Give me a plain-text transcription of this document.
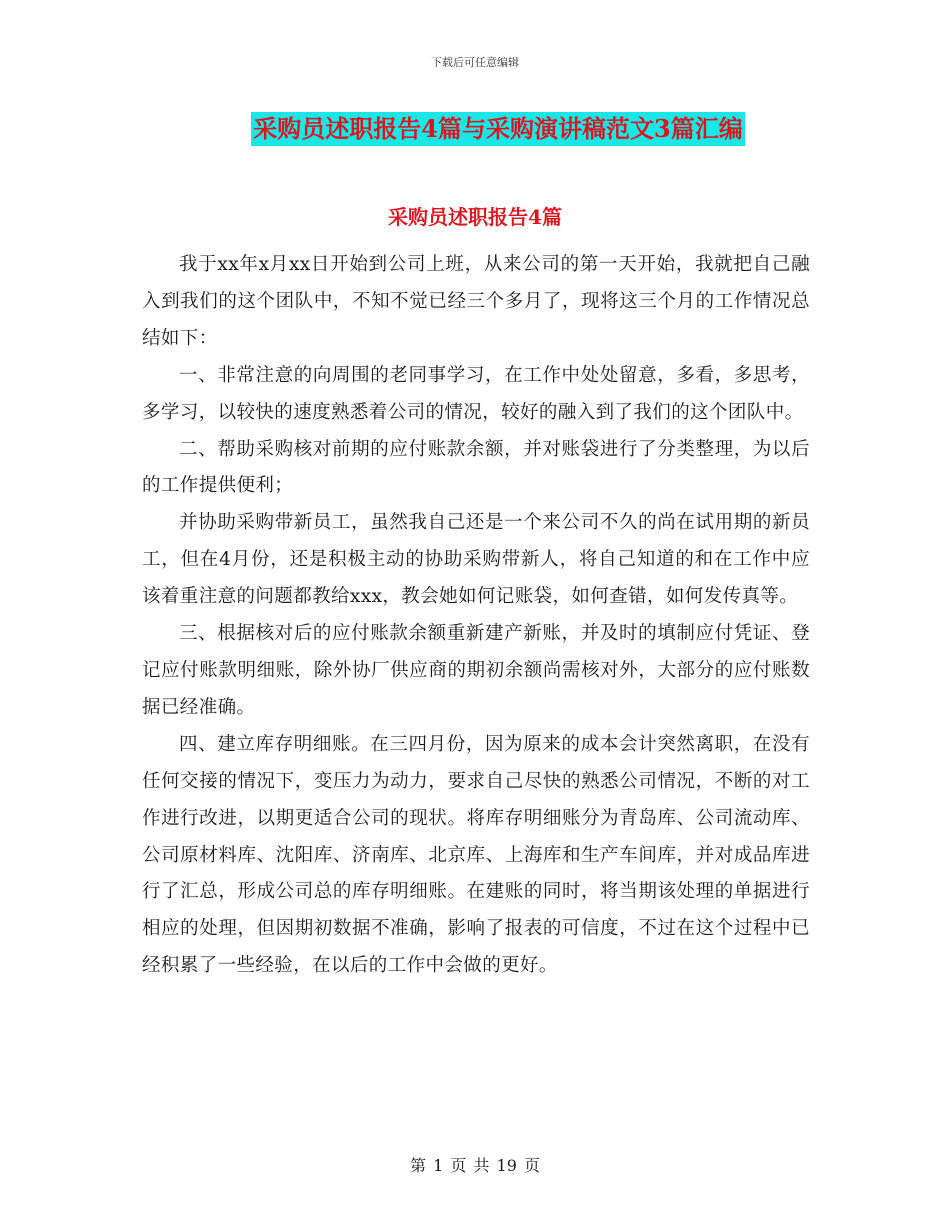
下载后可任意编辑
采购员述职报告4篇与采购演讲稿范文3篇汇编
采购员述职报告4篇

我于xx年x月xx日开始到公司上班，从来公司的第一天开始，我就把自己融入到我们的这个团队中，不知不觉已经三个多月了，现将这三个月的工作情况总结如下：

一、非常注意的向周围的老同事学习，在工作中处处留意，多看，多思考，多学习，以较快的速度熟悉着公司的情况，较好的融入到了我们的这个团队中。

二、帮助采购核对前期的应付账款余额，并对账袋进行了分类整理，为以后的工作提供便利；

并协助采购带新员工，虽然我自己还是一个来公司不久的尚在试用期的新员工，但在4月份，还是积极主动的协助采购带新人，将自己知道的和在工作中应该着重注意的问题都教给xxx，教会她如何记账袋，如何查错，如何发传真等。

三、根据核对后的应付账款余额重新建产新账，并及时的填制应付凭证、登记应付账款明细账，除外协厂供应商的期初余额尚需核对外，大部分的应付账数据已经准确。

四、建立库存明细账。在三四月份，因为原来的成本会计突然离职，在没有任何交接的情况下，变压力为动力，要求自己尽快的熟悉公司情况，不断的对工作进行改进，以期更适合公司的现状。将库存明细账分为青岛库、公司流动库、公司原材料库、沈阳库、济南库、北京库、上海库和生产车间库，并对成品库进行了汇总，形成公司总的库存明细账。在建账的同时，将当期该处理的单据进行相应的处理，但因期初数据不准确，影响了报表的可信度，不过在这个过程中已经积累了一些经验，在以后的工作中会做的更好。

第 1 页 共 19 页
